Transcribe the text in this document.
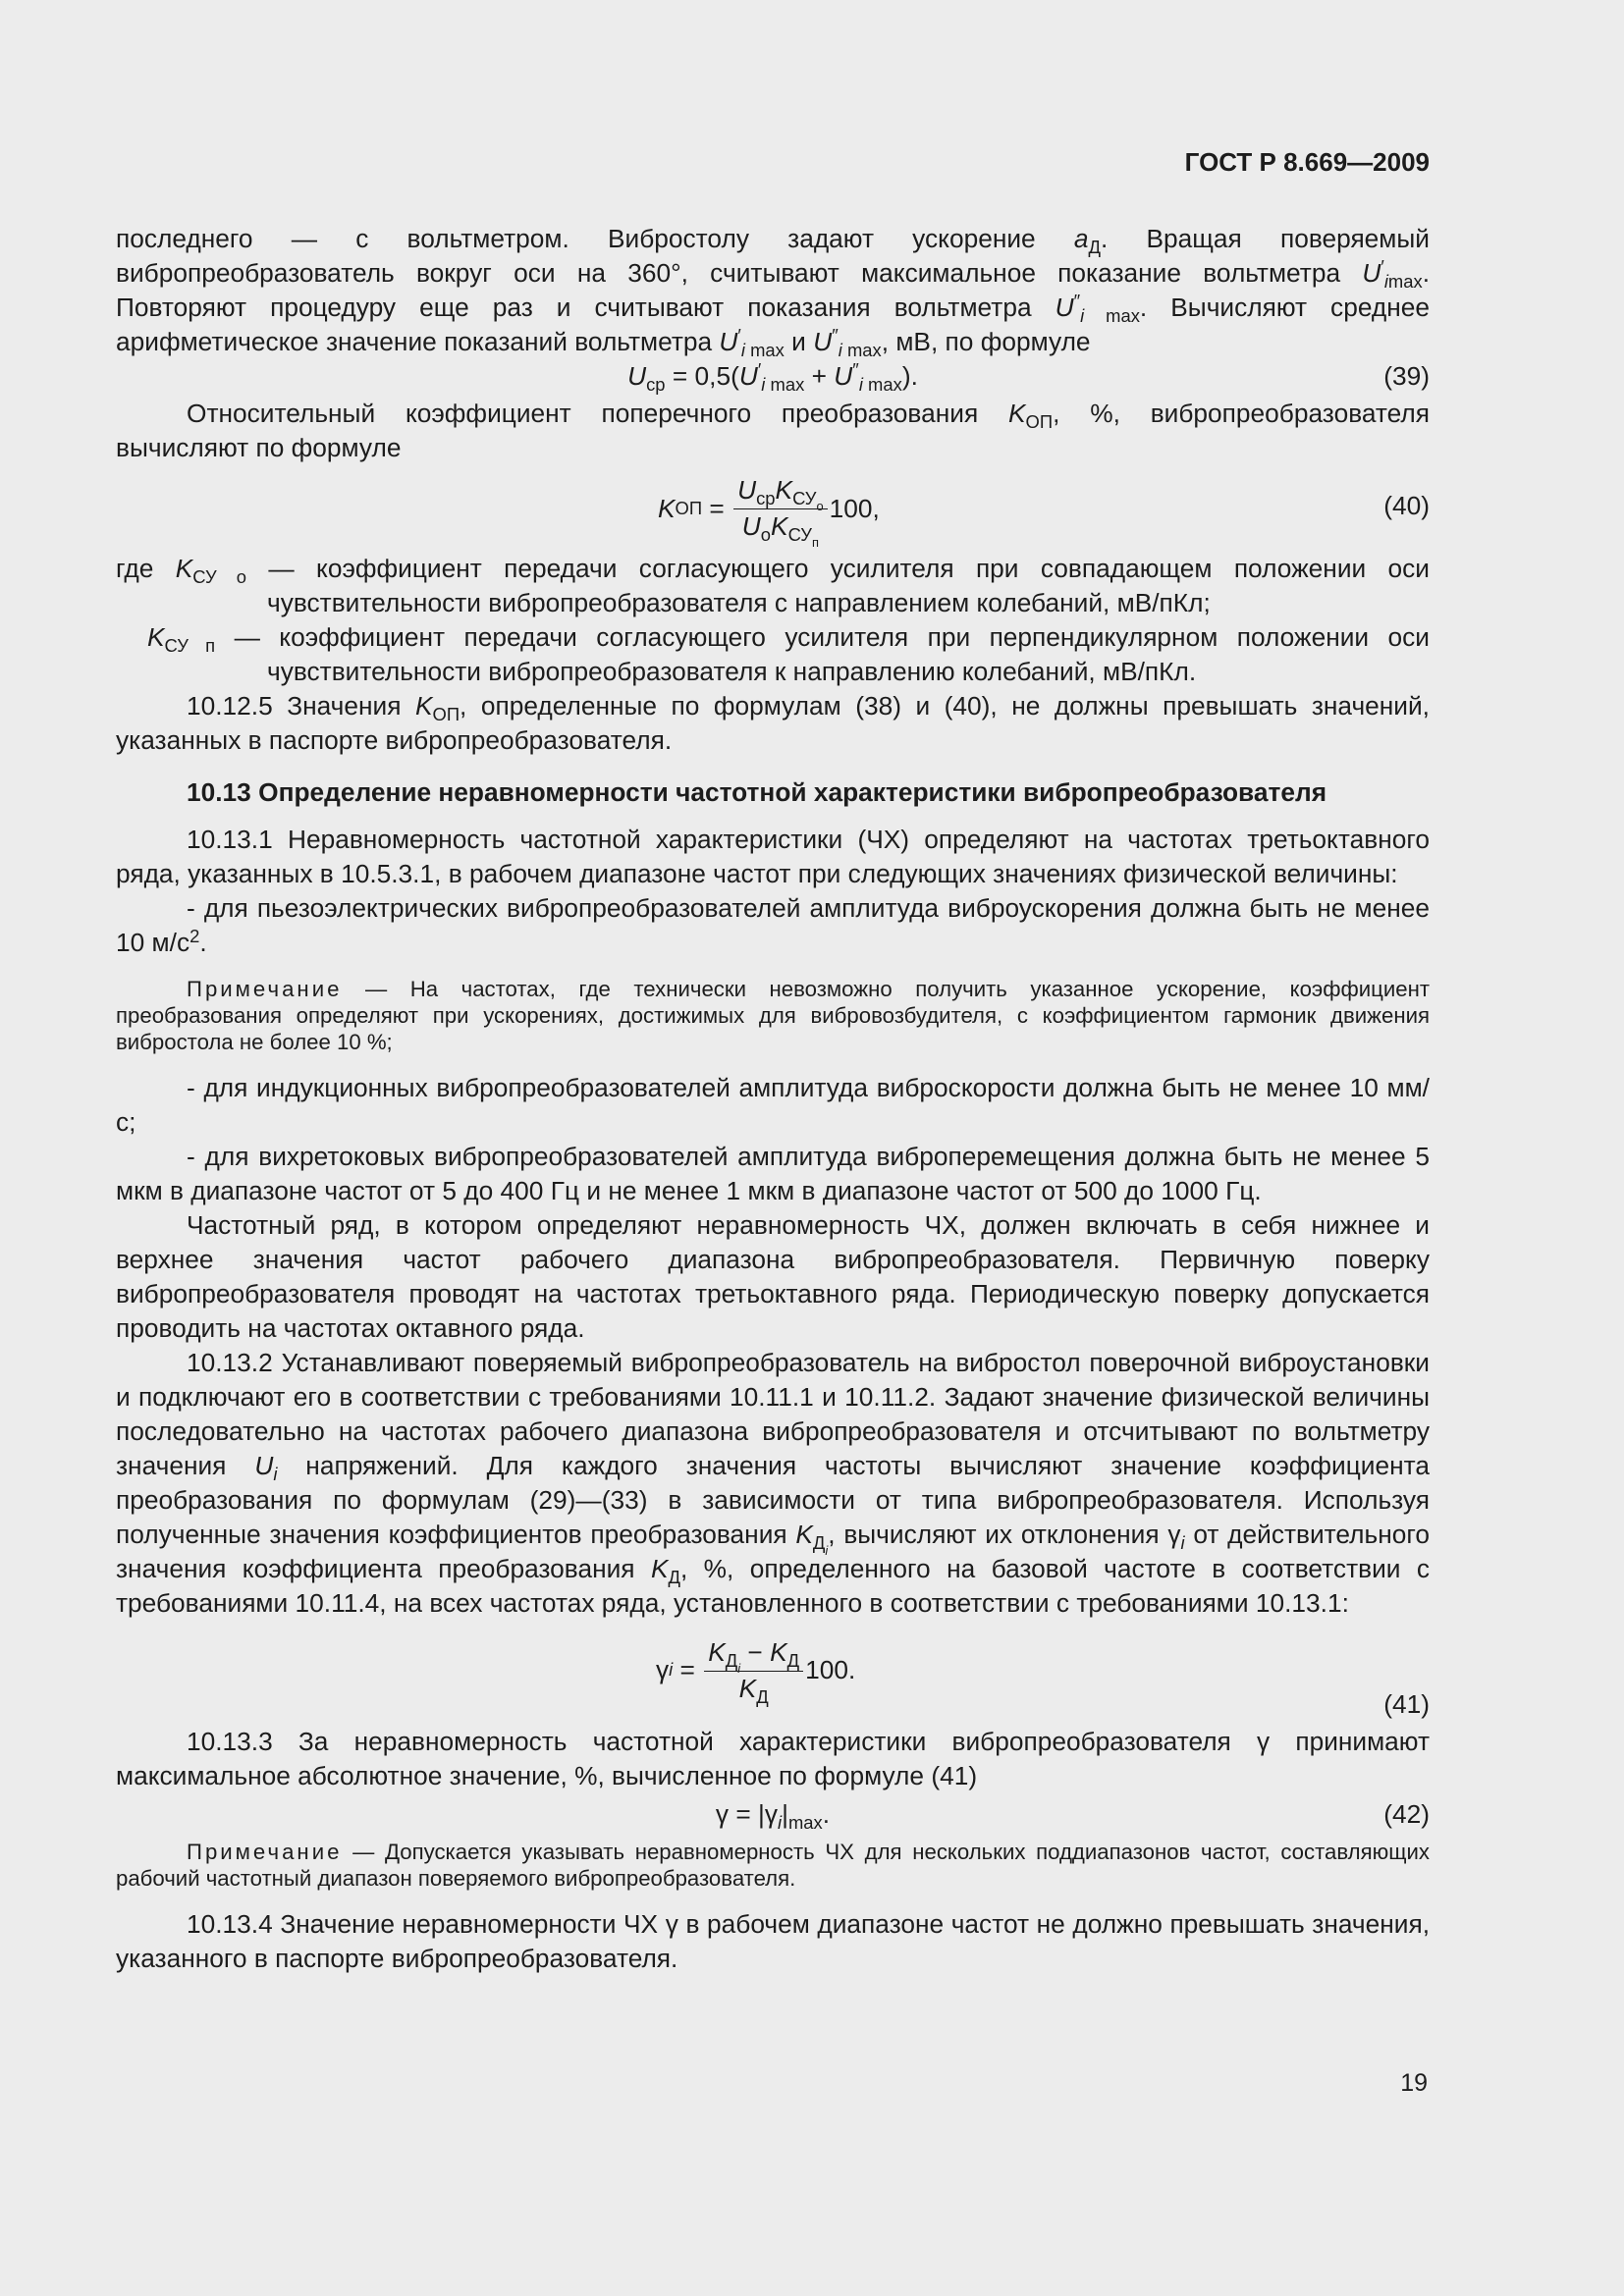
ГОСТ Р 8.669—2009

последнего — с вольтметром. Вибростолу задают ускорение $a_Д$. Вращая поверяемый вибропреобразователь вокруг оси на 360°, считывают максимальное показание вольтметра $U'_{imax}$. Повторяют процедуру еще раз и считывают показания вольтметра $U''_{i max}$. Вычисляют среднее арифметическое значение показаний вольтметра $U'_{i max}$ и $U''_{i max}$, мВ, по формуле

$U_{ср} = 0,5(U'_{i max} + U''_{i max})$.	(39)

Относительный коэффициент поперечного преобразования $K_{ОП}$, %, вибропреобразователя вычисляют по формуле

K ОП = $\frac{U_{ср}K_{СУ_о}}{U_оK_{СУ_п}} 100$,	(40)
где $K_{СУ о}$ — коэффициент передачи согласующего усилителя при совпадающем положении оси чувствительности вибропреобразователя с направлением колебаний, мВ/пКл;
$K_{СУ п}$ — коэффициент передачи согласующего усилителя при перпендикулярном положении оси чувствительности вибропреобразователя к направлению колебаний, мВ/пКл.

10.12.5 Значения $K_{ОП}$, определенные по формулам (38) и (40), не должны превышать значений, указанных в паспорте вибропреобразователя.

10.13 Определение неравномерности частотной характеристики вибропреобразователя

10.13.1 Неравномерность частотной характеристики (ЧХ) определяют на частотах третьоктавного ряда, указанных в 10.5.3.1, в рабочем диапазоне частот при следующих значениях физической величины:

- для пьезоэлектрических вибропреобразователей амплитуда виброускорения должна быть не менее 10 $м/с^2$.

Примечание — На частотах, где технически невозможно получить указанное ускорение, коэффициент преобразования определяют при ускорениях, достижимых для вибровозбудителя, с коэффициентом гармоник движения вибростола не более 10 %;

- для индукционных вибропреобразователей амплитуда виброскорости должна быть не менее 10 мм/с;

- для вихретоковых вибропреобразователей амплитуда виброперемещения должна быть не менее 5 мкм в диапазоне частот от 5 до 400 Гц и не менее 1 мкм в диапазоне частот от 500 до 1000 Гц.

Частотный ряд, в котором определяют неравномерность ЧХ, должен включать в себя нижнее и верхнее значения частот рабочего диапазона вибропреобразователя. Первичную поверку вибропреобразователя проводят на частотах третьоктавного ряда. Периодическую поверку допускается проводить на частотах октавного ряда.

10.13.2 Устанавливают поверяемый вибропреобразователь на вибростол поверочной виброустановки и подключают его в соответствии с требованиями 10.11.1 и 10.11.2. Задают значение физической величины последовательно на частотах рабочего диапазона вибропреобразователя и отсчитывают по вольтметру значения $U_i$ напряжений. Для каждого значения частоты вычисляют значение коэффициента преобразования по формулам (29)—(33) в зависимости от типа вибропреобразователя. Используя полученные значения коэффициентов преобразования $K_{Д_i}$, вычисляют их отклонения $\gamma_i$ от действительного значения коэффициента преобразования $K_Д$, %, определенного на базовой частоте в соответствии с требованиями 10.11.4, на всех частотах ряда, установленного в соответствии с требованиями 10.13.1:

γ $i = \frac{K_{Д_i} - K_Д}{K_Д} 100$.
(41)

10.13.3 За неравномерность частотной характеристики вибропреобразователя γ принимают максимальное абсолютное значение, %, вычисленное по формуле (41)

$\gamma = |\gamma_i|_{max}$.	(42)

Примечание — Допускается указывать неравномерность ЧХ для нескольких поддиапазонов частот, составляющих рабочий частотный диапазон поверяемого вибропреобразователя.

10.13.4 Значение неравномерности ЧХ γ в рабочем диапазоне частот не должно превышать значения, указанного в паспорте вибропреобразователя.

19
